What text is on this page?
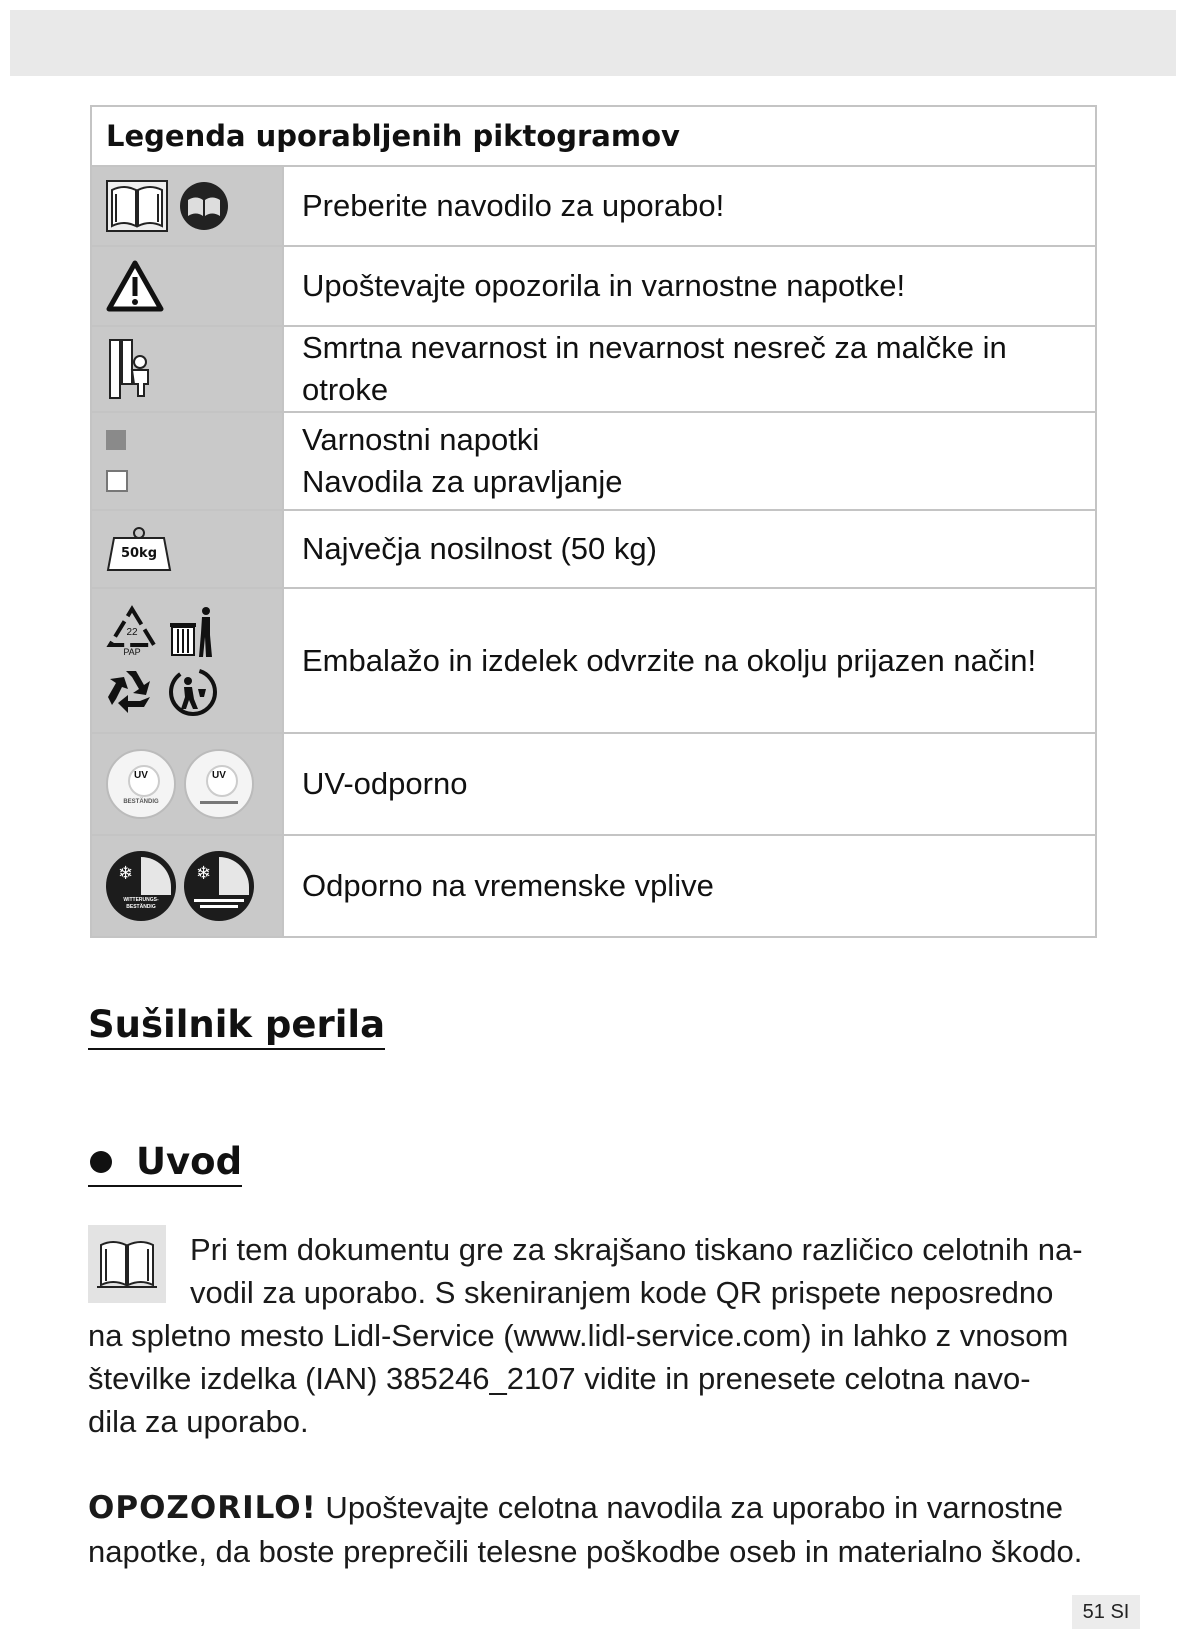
Legenda uporabljenih piktogramov	

Preberite navodilo za uporabo!

Upoštevajte opozorila in varnostne napotke!

Smrtna nevarnost in nevarnost nesreč za malčke in otroke

	Varnostni napotki
Navodila za upravljanje

50kg	Največja nosilnost (50 kg)

22
PAP	Embalažo in izdelek odvrzite na okolju prijazen način!

UV
BESTÄNDIG
UV	UV-odporno

❄
WITTERUNGS-BESTÄNDIG
❄	Odporno na vremenske vplive
Sušilnik perila
Uvod
Pri tem dokumentu gre za skrajšano tiskano različico celotnih na-
vodil za uporabo. S skeniranjem kode QR prispete neposredno
na spletno mesto Lidl-Service (www.lidl-service.com) in lahko z vnosom
številke izdelka (IAN) 385246_2107 vidite in prenesete celotna navo-
dila za uporabo.
OPOZORILO! Upoštevajte celotna navodila za uporabo in varnostne
napotke, da boste preprečili telesne poškodbe oseb in materialno škodo.
51 SI
